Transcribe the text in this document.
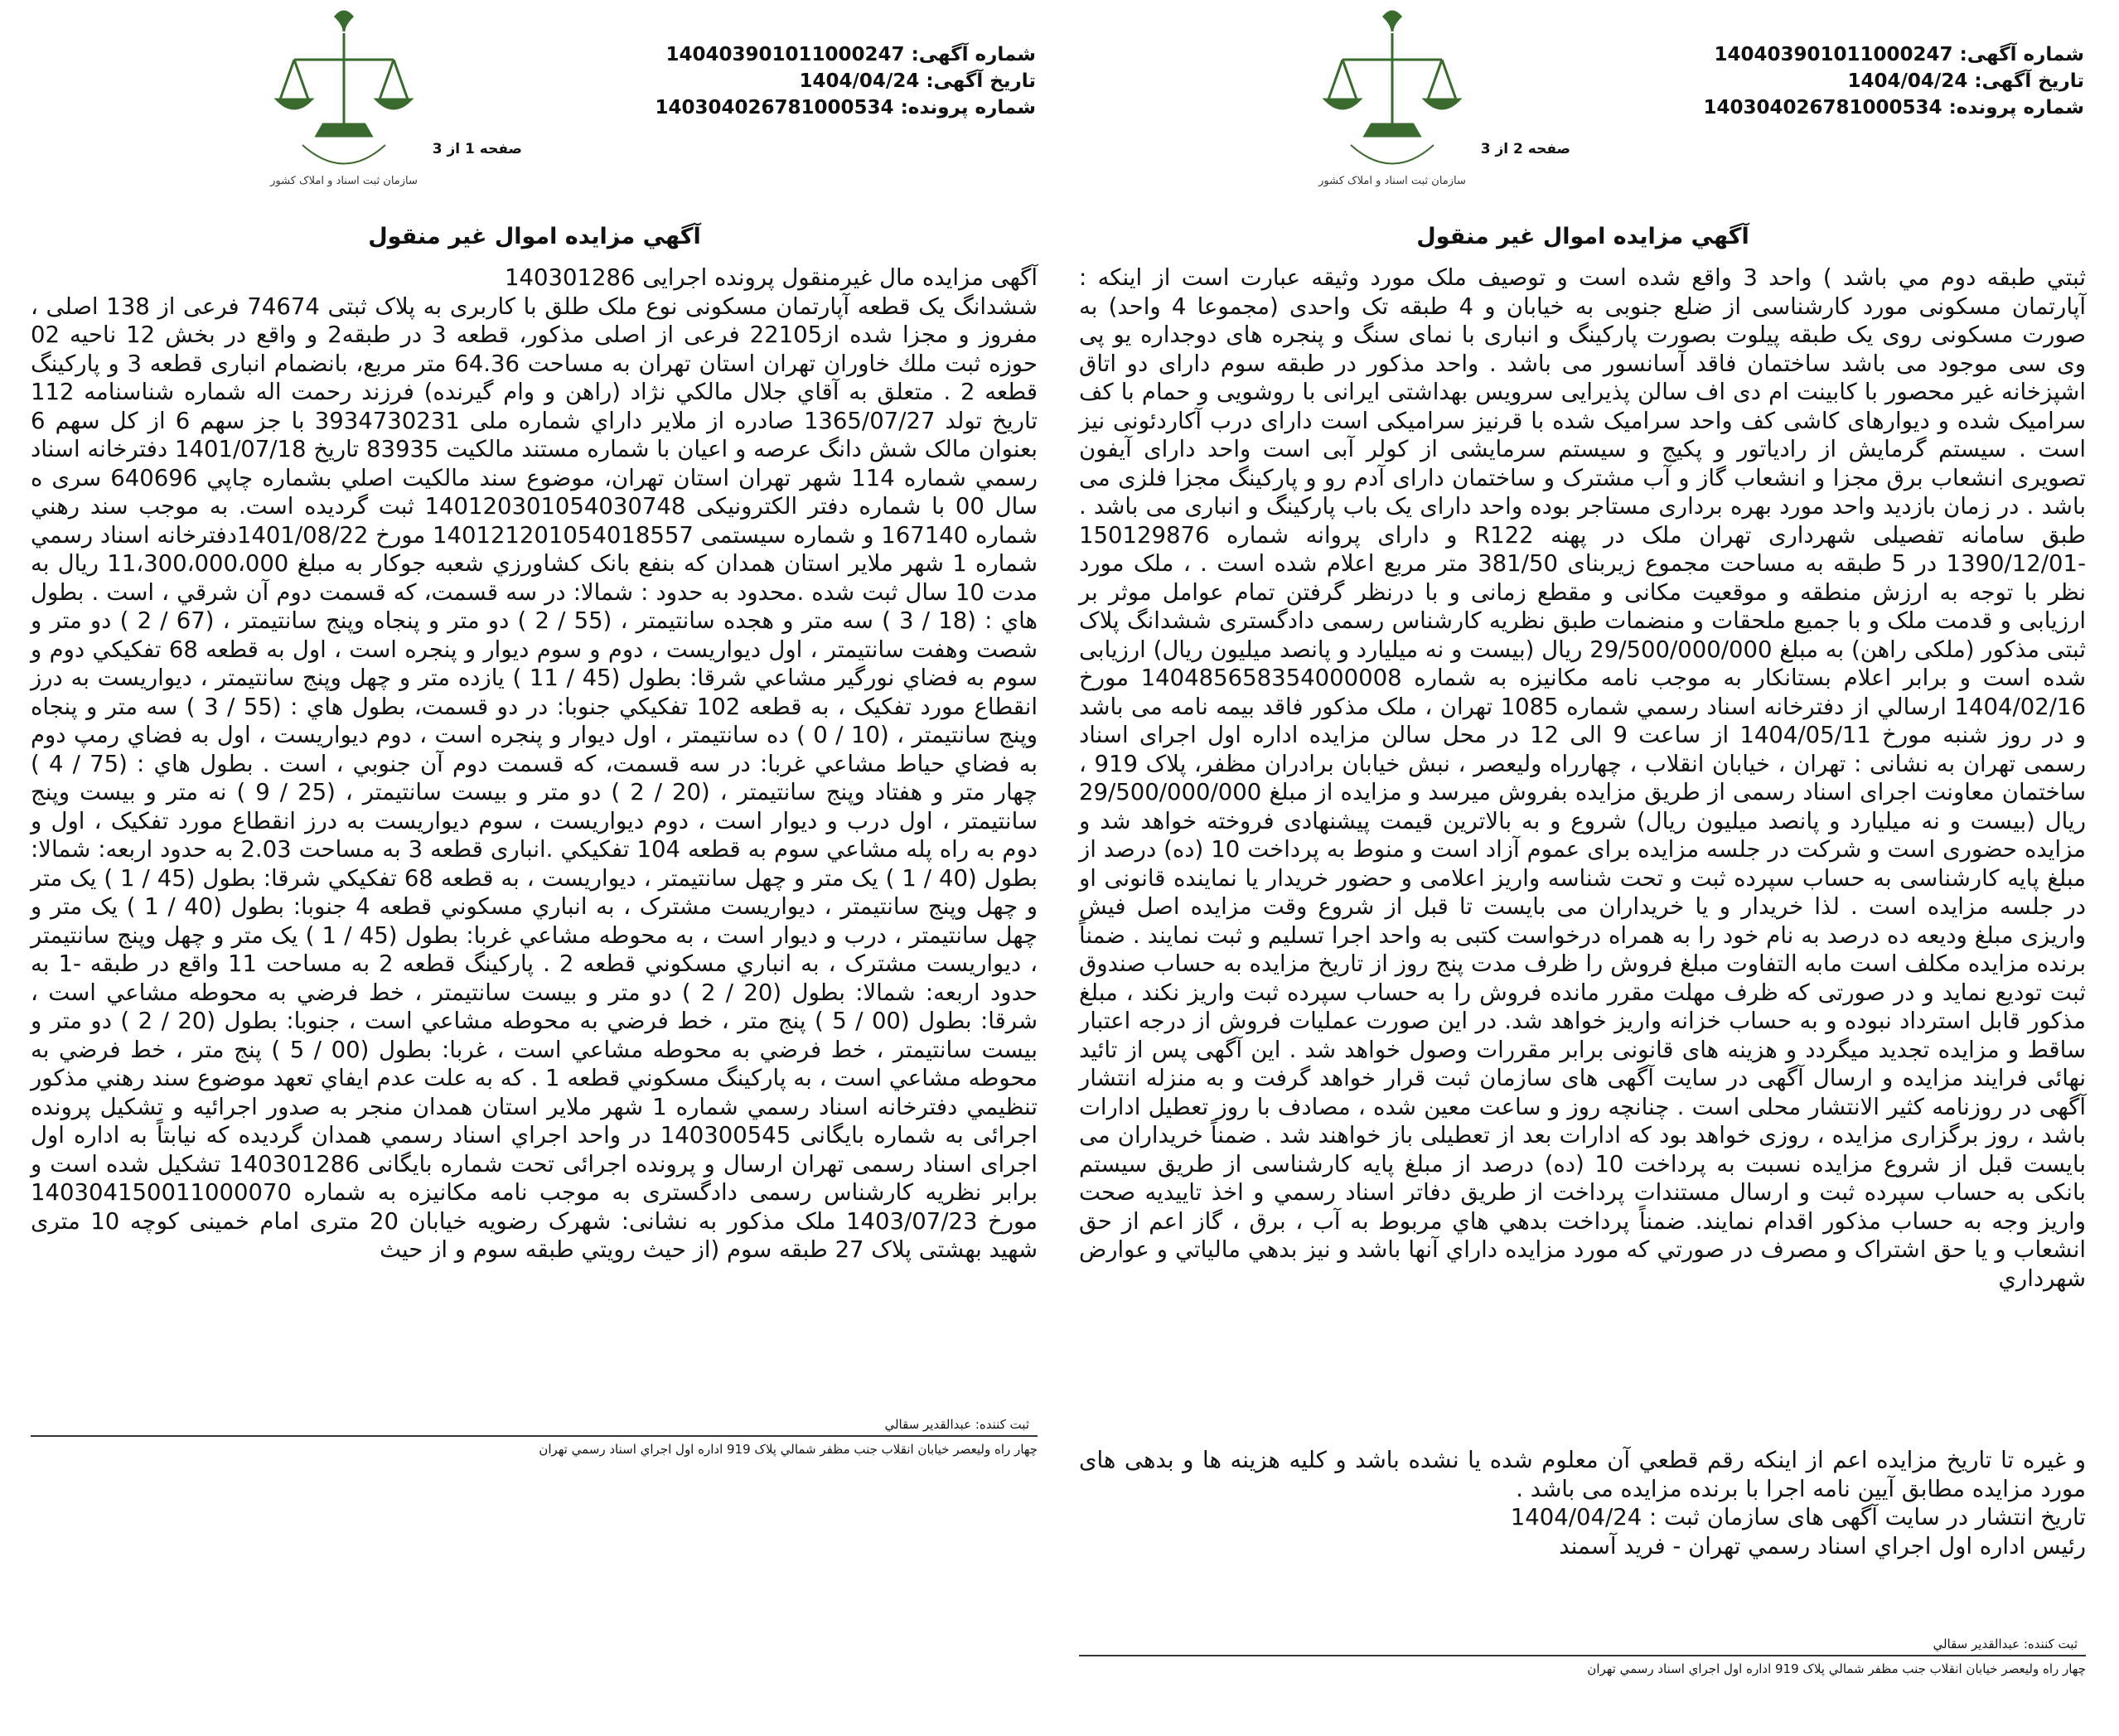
شماره آگهی: 140403901011000247
تاریخ آگهی: 1404/04/24
شماره پرونده: 140304026781000534
سازمان ثبت اسناد و املاک کشور
صفحه 2 از 3
آگهي مزايده اموال غير منقول

ثبتي طبقه دوم مي باشد ) واحد 3 واقع شده است و توصيف ملک مورد وثيقه عبارت است از اينکه : آپارتمان مسکونی مورد کارشناسی از ضلع جنوبی به خیابان و 4 طبقه تک واحدی (مجموعا 4 واحد) به صورت مسکونی روی یک طبقه پیلوت بصورت پارکینگ و انباری با نمای سنگ و پنجره های دوجداره یو پی وی سی موجود می باشد ساختمان فاقد آسانسور می باشد . واحد مذکور در طبقه سوم دارای دو اتاق اشپزخانه غیر محصور با کابینت ام دی اف سالن پذیرایی سرویس بهداشتی ایرانی با روشویی و حمام با کف سرامیک شده و دیوارهای کاشی کف واحد سرامیک شده با قرنیز سرامیکی است دارای درب آکاردئونی نیز است . سیستم گرمایش از رادیاتور و پکیج و سیستم سرمایشی از کولر آبی است واحد دارای آیفون تصویری انشعاب برق مجزا و انشعاب گاز و آب مشترک و ساختمان دارای آدم رو و پارکینگ مجزا فلزی می باشد . در زمان بازدید واحد مورد بهره برداری مستاجر بوده واحد دارای یک باب پارکینگ و انباری می باشد . طبق سامانه تفصیلی شهرداری تهران ملک در پهنه R122 و دارای پروانه شماره 150129876 -1390/12/01 در 5 طبقه به مساحت مجموع زیربنای 381/50 متر مربع اعلام شده است . ، ملک مورد نظر با توجه به ارزش منطقه و موقعیت مکانی و مقطع زمانی و با درنظر گرفتن تمام عوامل موثر بر ارزیابی و قدمت ملک و با جمیع ملحقات و منضمات طبق نظریه کارشناس رسمی دادگستری ششدانگ پلاک ثبتی مذکور (ملکی راهن) به مبلغ 29/500/000/000 ریال (بیست و نه میلیارد و پانصد میلیون ریال) ارزیابی شده است و برابر اعلام بستانکار به موجب نامه مکانیزه به شماره 140485658354000008 مورخ 1404/02/16 ارسالي از دفترخانه اسناد رسمي شماره 1085 تهران ، ملک مذکور فاقد بیمه نامه می باشد و در روز شنبه مورخ 1404/05/11 از ساعت 9 الی 12 در محل سالن مزایده اداره اول اجرای اسناد رسمی تهران به نشانی : تهران ، خیابان انقلاب ، چهارراه ولیعصر ، نبش خیابان برادران مظفر، پلاک 919 ، ساختمان معاونت اجرای اسناد رسمی از طریق مزایده بفروش میرسد و مزایده از مبلغ 29/500/000/000 ریال (بیست و نه میلیارد و پانصد میلیون ریال) شروع و به بالاترین قیمت پیشنهادی فروخته خواهد شد و مزایده حضوری است و شرکت در جلسه مزایده برای عموم آزاد است و منوط به پرداخت 10 (ده) درصد از مبلغ پایه کارشناسی به حساب سپرده ثبت و تحت شناسه واریز اعلامی و حضور خریدار یا نماینده قانونی او در جلسه مزایده است . لذا خریدار و یا خریداران می بایست تا قبل از شروع وقت مزایده اصل فیش واریزی مبلغ ودیعه ده درصد به نام خود را به همراه درخواست کتبی به واحد اجرا تسلیم و ثبت نمایند . ضمناً برنده مزایده مکلف است مابه التفاوت مبلغ فروش را ظرف مدت پنج روز از تاریخ مزایده به حساب صندوق ثبت تودیع نماید و در صورتی که ظرف مهلت مقرر مانده فروش را به حساب سپرده ثبت واریز نکند ، مبلغ مذکور قابل استرداد نبوده و به حساب خزانه واریز خواهد شد. در این صورت عملیات فروش از درجه اعتبار ساقط و مزایده تجدید میگردد و هزینه های قانونی برابر مقررات وصول خواهد شد . این آگهی پس از تائید نهائی فرایند مزایده و ارسال آگهی در سایت آگهی های سازمان ثبت قرار خواهد گرفت و به منزله انتشار آگهی در روزنامه کثیر الانتشار محلی است . چنانچه روز و ساعت معین شده ، مصادف با روز تعطیل ادارات باشد ، روز برگزاری مزایده ، روزی خواهد بود که ادارات بعد از تعطیلی باز خواهند شد . ضمناً خریداران می بایست قبل از شروع مزایده نسبت به پرداخت 10 (ده) درصد از مبلغ پایه کارشناسی از طریق سیستم بانکی به حساب سپرده ثبت و ارسال مستندات پرداخت از طریق دفاتر اسناد رسمي و اخذ تاييديه صحت واريز وجه به حساب مذکور اقدام نمايند. ضمناً پرداخت بدهي هاي مربوط به آب ، برق ، گاز اعم از حق انشعاب و يا حق اشتراک و مصرف در صورتي که مورد مزايده داراي آنها باشد و نيز بدهي مالياتي و عوارض شهرداري

و غيره تا تاريخ مزايده اعم از اينکه رقم قطعي آن معلوم شده يا نشده باشد و کليه هزينه ها و بدهی های مورد مزایده مطابق آیین نامه اجرا با برنده مزایده می باشد .

تاریخ انتشار در سایت آگهی های سازمان ثبت : 1404/04/24

رئیس اداره اول اجراي اسناد رسمي تهران - فريد آسمند

ثبت کننده: عبدالقدير سقالي
چهار راه وليعصر خيابان انقلاب جنب مظفر شمالي پلاک 919 اداره اول اجراي اسناد رسمي تهران
شماره آگهی: 140403901011000247
تاریخ آگهی: 1404/04/24
شماره پرونده: 140304026781000534
سازمان ثبت اسناد و املاک کشور
صفحه 1 از 3
آگهي مزايده اموال غير منقول

آگهی مزایده مال غیرمنقول پرونده اجرایی 140301286

ششدانگ یک قطعه آپارتمان مسکونی نوع ملک طلق با کاربری به پلاک ثبتی 74674 فرعی از 138 اصلی ، مفروز و مجزا شده از22105 فرعی از اصلی مذکور، قطعه 3 در طبقه2 و واقع در بخش 12 ناحیه 02 حوزه ثبت ملك خاوران تهران استان تهران به مساحت 64.36 متر مربع، بانضمام انباری قطعه 3 و پارکینگ قطعه 2 . متعلق به آقاي جلال مالکي نژاد (راهن و وام گیرنده) فرزند رحمت اله شماره شناسنامه 112 تاریخ تولد 1365/07/27 صادره از ملاير داراي شماره ملی 3934730231 با جز سهم 6 از کل سهم 6 بعنوان مالک شش دانگ عرصه و اعيان با شماره مستند مالکيت 83935 تاريخ 1401/07/18 دفترخانه اسناد رسمي شماره 114 شهر تهران استان تهران، موضوع سند مالکيت اصلي بشماره چاپي 640696 سری ه سال 00 با شماره دفتر الکترونيکی 140120301054030748 ثبت گرديده است. به موجب سند رهني شماره 167140 و شماره سیستمی 140121201054018557 مورخ 1401/08/22دفترخانه اسناد رسمي شماره 1 شهر ملاير استان همدان که بنفع بانک کشاورزي شعبه جوکار به مبلغ 11،300،000،000 ریال به مدت 10 سال ثبت شده .محدود به حدود : شمالا: در سه قسمت، که قسمت دوم آن شرقي ، است . بطول هاي : (18 / 3 ) سه متر و هجده سانتيمتر ، (55 / 2 ) دو متر و پنجاه وپنج سانتيمتر ، (67 / 2 ) دو متر و شصت وهفت سانتيمتر ، اول ديواريست ، دوم و سوم ديوار و پنجره است ، اول به قطعه 68 تفکيکي دوم و سوم به فضاي نورگير مشاعي شرقا: بطول (45 / 11 ) يازده متر و چهل وپنج سانتيمتر ، ديواريست به درز انقطاع مورد تفکيک ، به قطعه 102 تفکيکي جنوبا: در دو قسمت، بطول هاي : (55 / 3 ) سه متر و پنجاه وپنج سانتيمتر ، (10 / 0 ) ده سانتيمتر ، اول ديوار و پنجره است ، دوم ديواريست ، اول به فضاي رمپ دوم به فضاي حياط مشاعي غربا: در سه قسمت، که قسمت دوم آن جنوبي ، است . بطول هاي : (75 / 4 ) چهار متر و هفتاد وپنج سانتيمتر ، (20 / 2 ) دو متر و بيست سانتيمتر ، (25 / 9 ) نه متر و بيست وپنج سانتيمتر ، اول درب و ديوار است ، دوم ديواريست ، سوم ديواريست به درز انقطاع مورد تفکيک ، اول و دوم به راه پله مشاعي سوم به قطعه 104 تفکيکي .انباری قطعه 3 به مساحت 2.03 به حدود اربعه: شمالا: بطول (40 / 1 ) يک متر و چهل سانتيمتر ، ديواريست ، به قطعه 68 تفکيکي شرقا: بطول (45 / 1 ) يک متر و چهل وپنج سانتيمتر ، ديواريست مشترک ، به انباري مسکوني قطعه 4 جنوبا: بطول (40 / 1 ) يک متر و چهل سانتيمتر ، درب و ديوار است ، به محوطه مشاعي غربا: بطول (45 / 1 ) يک متر و چهل وپنج سانتيمتر ، ديواريست مشترک ، به انباري مسکوني قطعه 2 . پارکینگ قطعه 2 به مساحت 11 واقع در طبقه -1 به حدود اربعه: شمالا: بطول (20 / 2 ) دو متر و بيست سانتيمتر ، خط فرضي به محوطه مشاعي است ، شرقا: بطول (00 / 5 ) پنج متر ، خط فرضي به محوطه مشاعي است ، جنوبا: بطول (20 / 2 ) دو متر و بيست سانتيمتر ، خط فرضي به محوطه مشاعي است ، غربا: بطول (00 / 5 ) پنج متر ، خط فرضي به محوطه مشاعي است ، به پارکينگ مسکوني قطعه 1 . که به علت عدم ايفاي تعهد موضوع سند رهني مذکور تنظيمي دفترخانه اسناد رسمي شماره 1 شهر ملاير استان همدان منجر به صدور اجرائيه و تشکيل پرونده اجرائی به شماره بايگانی 140300545 در واحد اجراي اسناد رسمي همدان گرديده که نيابتاً به اداره اول اجرای اسناد رسمی تهران ارسال و پرونده اجرائی تحت شماره بايگانی 140301286 تشکيل شده است و برابر نظريه کارشناس رسمی دادگستری به موجب نامه مکانيزه به شماره 140304150011000070 مورخ 1403/07/23 ملک مذکور به نشانی: شهرک رضويه خيابان 20 متری امام خمينی کوچه 10 متری شهيد بهشتی پلاک 27 طبقه سوم (از حيث رويتي طبقه سوم و از حيث

ثبت کننده: عبدالقدير سقالي
چهار راه وليعصر خيابان انقلاب جنب مظفر شمالي پلاک 919 اداره اول اجراي اسناد رسمي تهران
